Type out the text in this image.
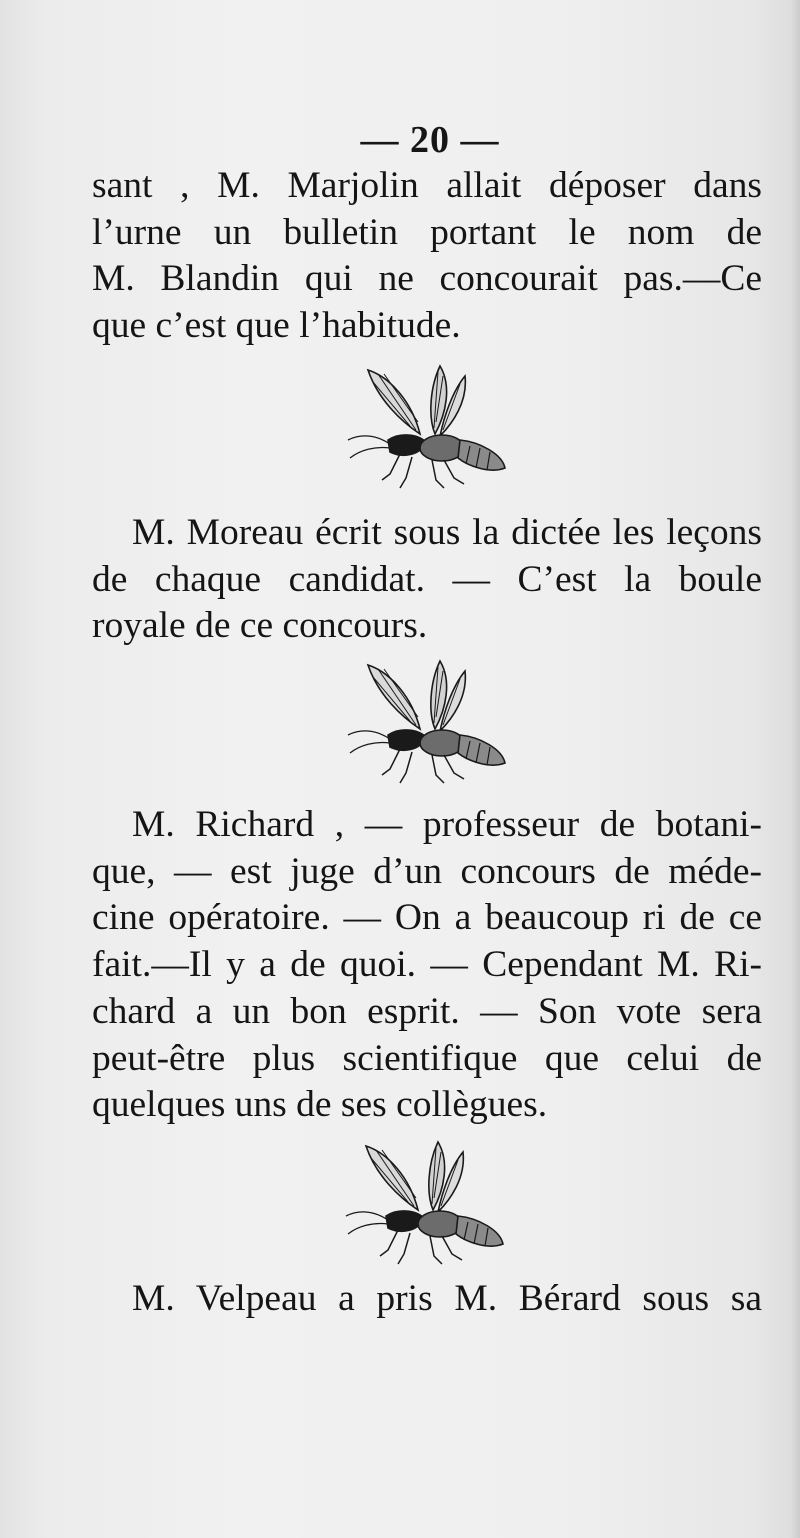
— 20 —
sant , M. Marjolin allait déposer dans
l’urne un bulletin portant le nom de
M. Blandin qui ne concourait pas.—Ce
que c’est que l’habitude.
M. Moreau écrit sous la dictée les leçons
de chaque candidat. — C’est la boule
royale de ce concours.
M. Richard , — professeur de botani-
que, — est juge d’un concours de méde-
cine opératoire. — On a beaucoup ri de ce
fait.—Il y a de quoi. — Cependant M. Ri-
chard a un bon esprit. — Son vote sera
peut-être plus scientifique que celui de
quelques uns de ses collègues.
M. Velpeau a pris M. Bérard sous sa
